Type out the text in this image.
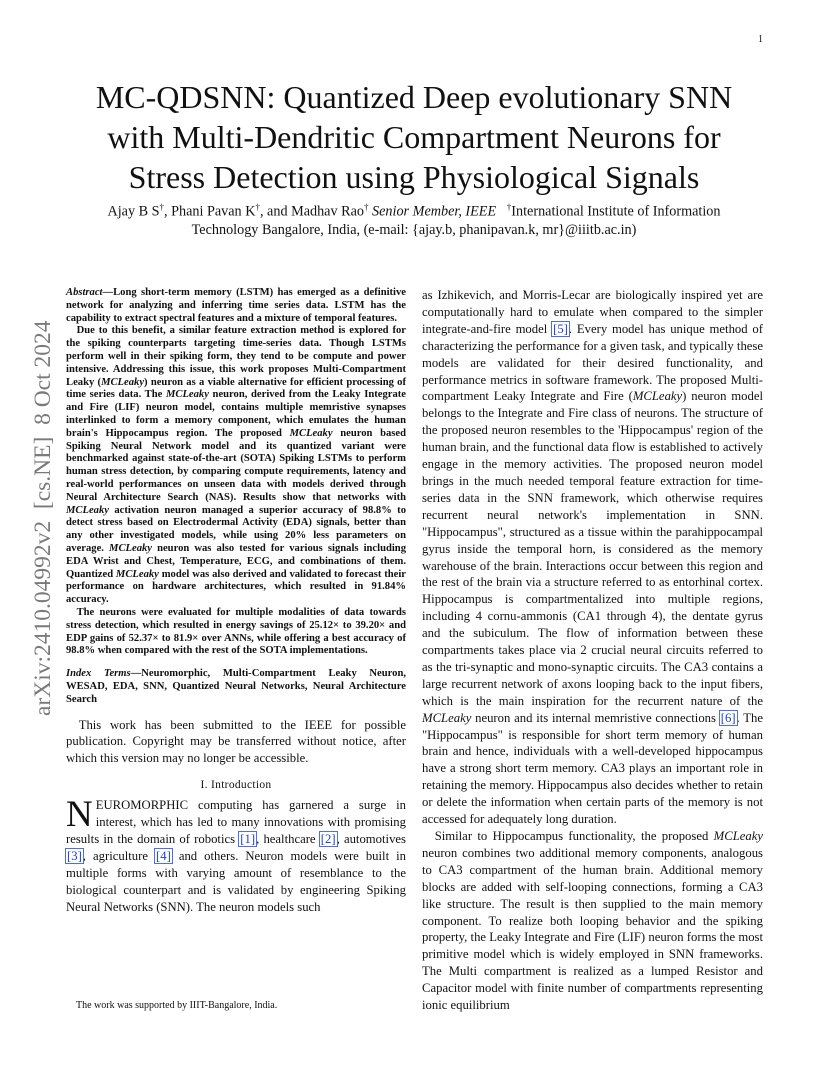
1
arXiv:2410.04992v2  [cs.NE]  8 Oct 2024
MC-QDSNN: Quantized Deep evolutionary SNN
with Multi-Dendritic Compartment Neurons for
Stress Detection using Physiological Signals
Ajay B S†, Phani Pavan K†, and Madhav Rao† Senior Member, IEEE †International Institute of Information
Technology Bangalore, India, (e-mail: {ajay.b, phanipavan.k, mr}@iiitb.ac.in)

Abstract—Long short-term memory (LSTM) has emerged as a definitive network for analyzing and inferring time series data. LSTM has the capability to extract spectral features and a mixture of temporal features.

Due to this benefit, a similar feature extraction method is explored for the spiking counterparts targeting time-series data. Though LSTMs perform well in their spiking form, they tend to be compute and power intensive. Addressing this issue, this work proposes Multi-Compartment Leaky (MCLeaky) neuron as a viable alternative for efficient processing of time series data. The MCLeaky neuron, derived from the Leaky Integrate and Fire (LIF) neuron model, contains multiple memristive synapses interlinked to form a memory component, which emulates the human brain's Hippocampus region. The proposed MCLeaky neuron based Spiking Neural Network model and its quantized variant were benchmarked against state-of-the-art (SOTA) Spiking LSTMs to perform human stress detection, by comparing compute requirements, latency and real-world performances on unseen data with models derived through Neural Architecture Search (NAS). Results show that networks with MCLeaky activation neuron managed a superior accuracy of 98.8% to detect stress based on Electrodermal Activity (EDA) signals, better than any other investigated models, while using 20% less parameters on average. MCLeaky neuron was also tested for various signals including EDA Wrist and Chest, Temperature, ECG, and combinations of them. Quantized MCLeaky model was also derived and validated to forecast their performance on hardware architectures, which resulted in 91.84% accuracy.

The neurons were evaluated for multiple modalities of data towards stress detection, which resulted in energy savings of 25.12× to 39.20× and EDP gains of 52.37× to 81.9× over ANNs, while offering a best accuracy of 98.8% when compared with the rest of the SOTA implementations.

Index Terms—Neuromorphic, Multi-Compartment Leaky Neuron, WESAD, EDA, SNN, Quantized Neural Networks, Neural Architecture Search

This work has been submitted to the IEEE for possible publication. Copyright may be transferred without notice, after which this version may no longer be accessible.

I. Introduction

NEUROMORPHIC computing has garnered a surge in interest, which has led to many innovations with promising results in the domain of robotics [1], healthcare [2], automotives [3], agriculture [4] and others. Neuron models were built in multiple forms with varying amount of resemblance to the biological counterpart and is validated by engineering Spiking Neural Networks (SNN). The neuron models such

The work was supported by IIIT-Bangalore, India.

as Izhikevich, and Morris-Lecar are biologically inspired yet are computationally hard to emulate when compared to the simpler integrate-and-fire model [5]. Every model has unique method of characterizing the performance for a given task, and typically these models are validated for their desired functionality, and performance metrics in software framework. The proposed Multi-compartment Leaky Integrate and Fire (MCLeaky) neuron model belongs to the Integrate and Fire class of neurons. The structure of the proposed neuron resembles to the 'Hippocampus' region of the human brain, and the functional data flow is established to actively engage in the memory activities. The proposed neuron model brings in the much needed temporal feature extraction for time-series data in the SNN framework, which otherwise requires recurrent neural network's implementation in SNN. "Hippocampus", structured as a tissue within the parahippocampal gyrus inside the temporal horn, is considered as the memory warehouse of the brain. Interactions occur between this region and the rest of the brain via a structure referred to as entorhinal cortex. Hippocampus is compartmentalized into multiple regions, including 4 cornu-ammonis (CA1 through 4), the dentate gyrus and the subiculum. The flow of information between these compartments takes place via 2 crucial neural circuits referred to as the tri-synaptic and mono-synaptic circuits. The CA3 contains a large recurrent network of axons looping back to the input fibers, which is the main inspiration for the recurrent nature of the MCLeaky neuron and its internal memristive connections [6]. The "Hippocampus" is responsible for short term memory of human brain and hence, individuals with a well-developed hippocampus have a strong short term memory. CA3 plays an important role in retaining the memory. Hippocampus also decides whether to retain or delete the information when certain parts of the memory is not accessed for adequately long duration.

Similar to Hippocampus functionality, the proposed MCLeaky neuron combines two additional memory components, analogous to CA3 compartment of the human brain. Additional memory blocks are added with self-looping connections, forming a CA3 like structure. The result is then supplied to the main memory component. To realize both looping behavior and the spiking property, the Leaky Integrate and Fire (LIF) neuron forms the most primitive model which is widely employed in SNN frameworks. The Multi compartment is realized as a lumped Resistor and Capacitor model with finite number of compartments representing ionic equilibrium
